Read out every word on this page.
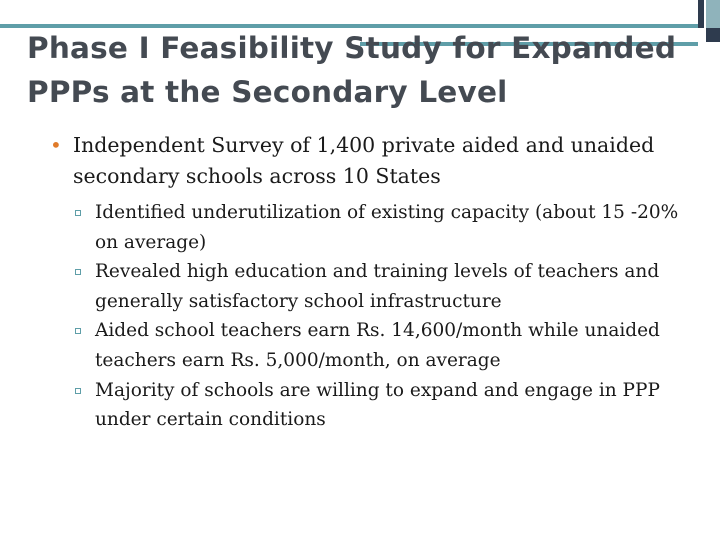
Phase I Feasibility Study for Expanded PPPs at the Secondary Level
• Independent Survey of 1,400 private aided and unaided secondary schools across 10 States
Identified underutilization of existing capacity (about 15 -20% on average)
Revealed high education and training levels of teachers and generally satisfactory school infrastructure
Aided school teachers earn Rs. 14,600/month while unaided teachers earn Rs. 5,000/month, on average
Majority of schools are willing to expand and engage in PPP under certain conditions
